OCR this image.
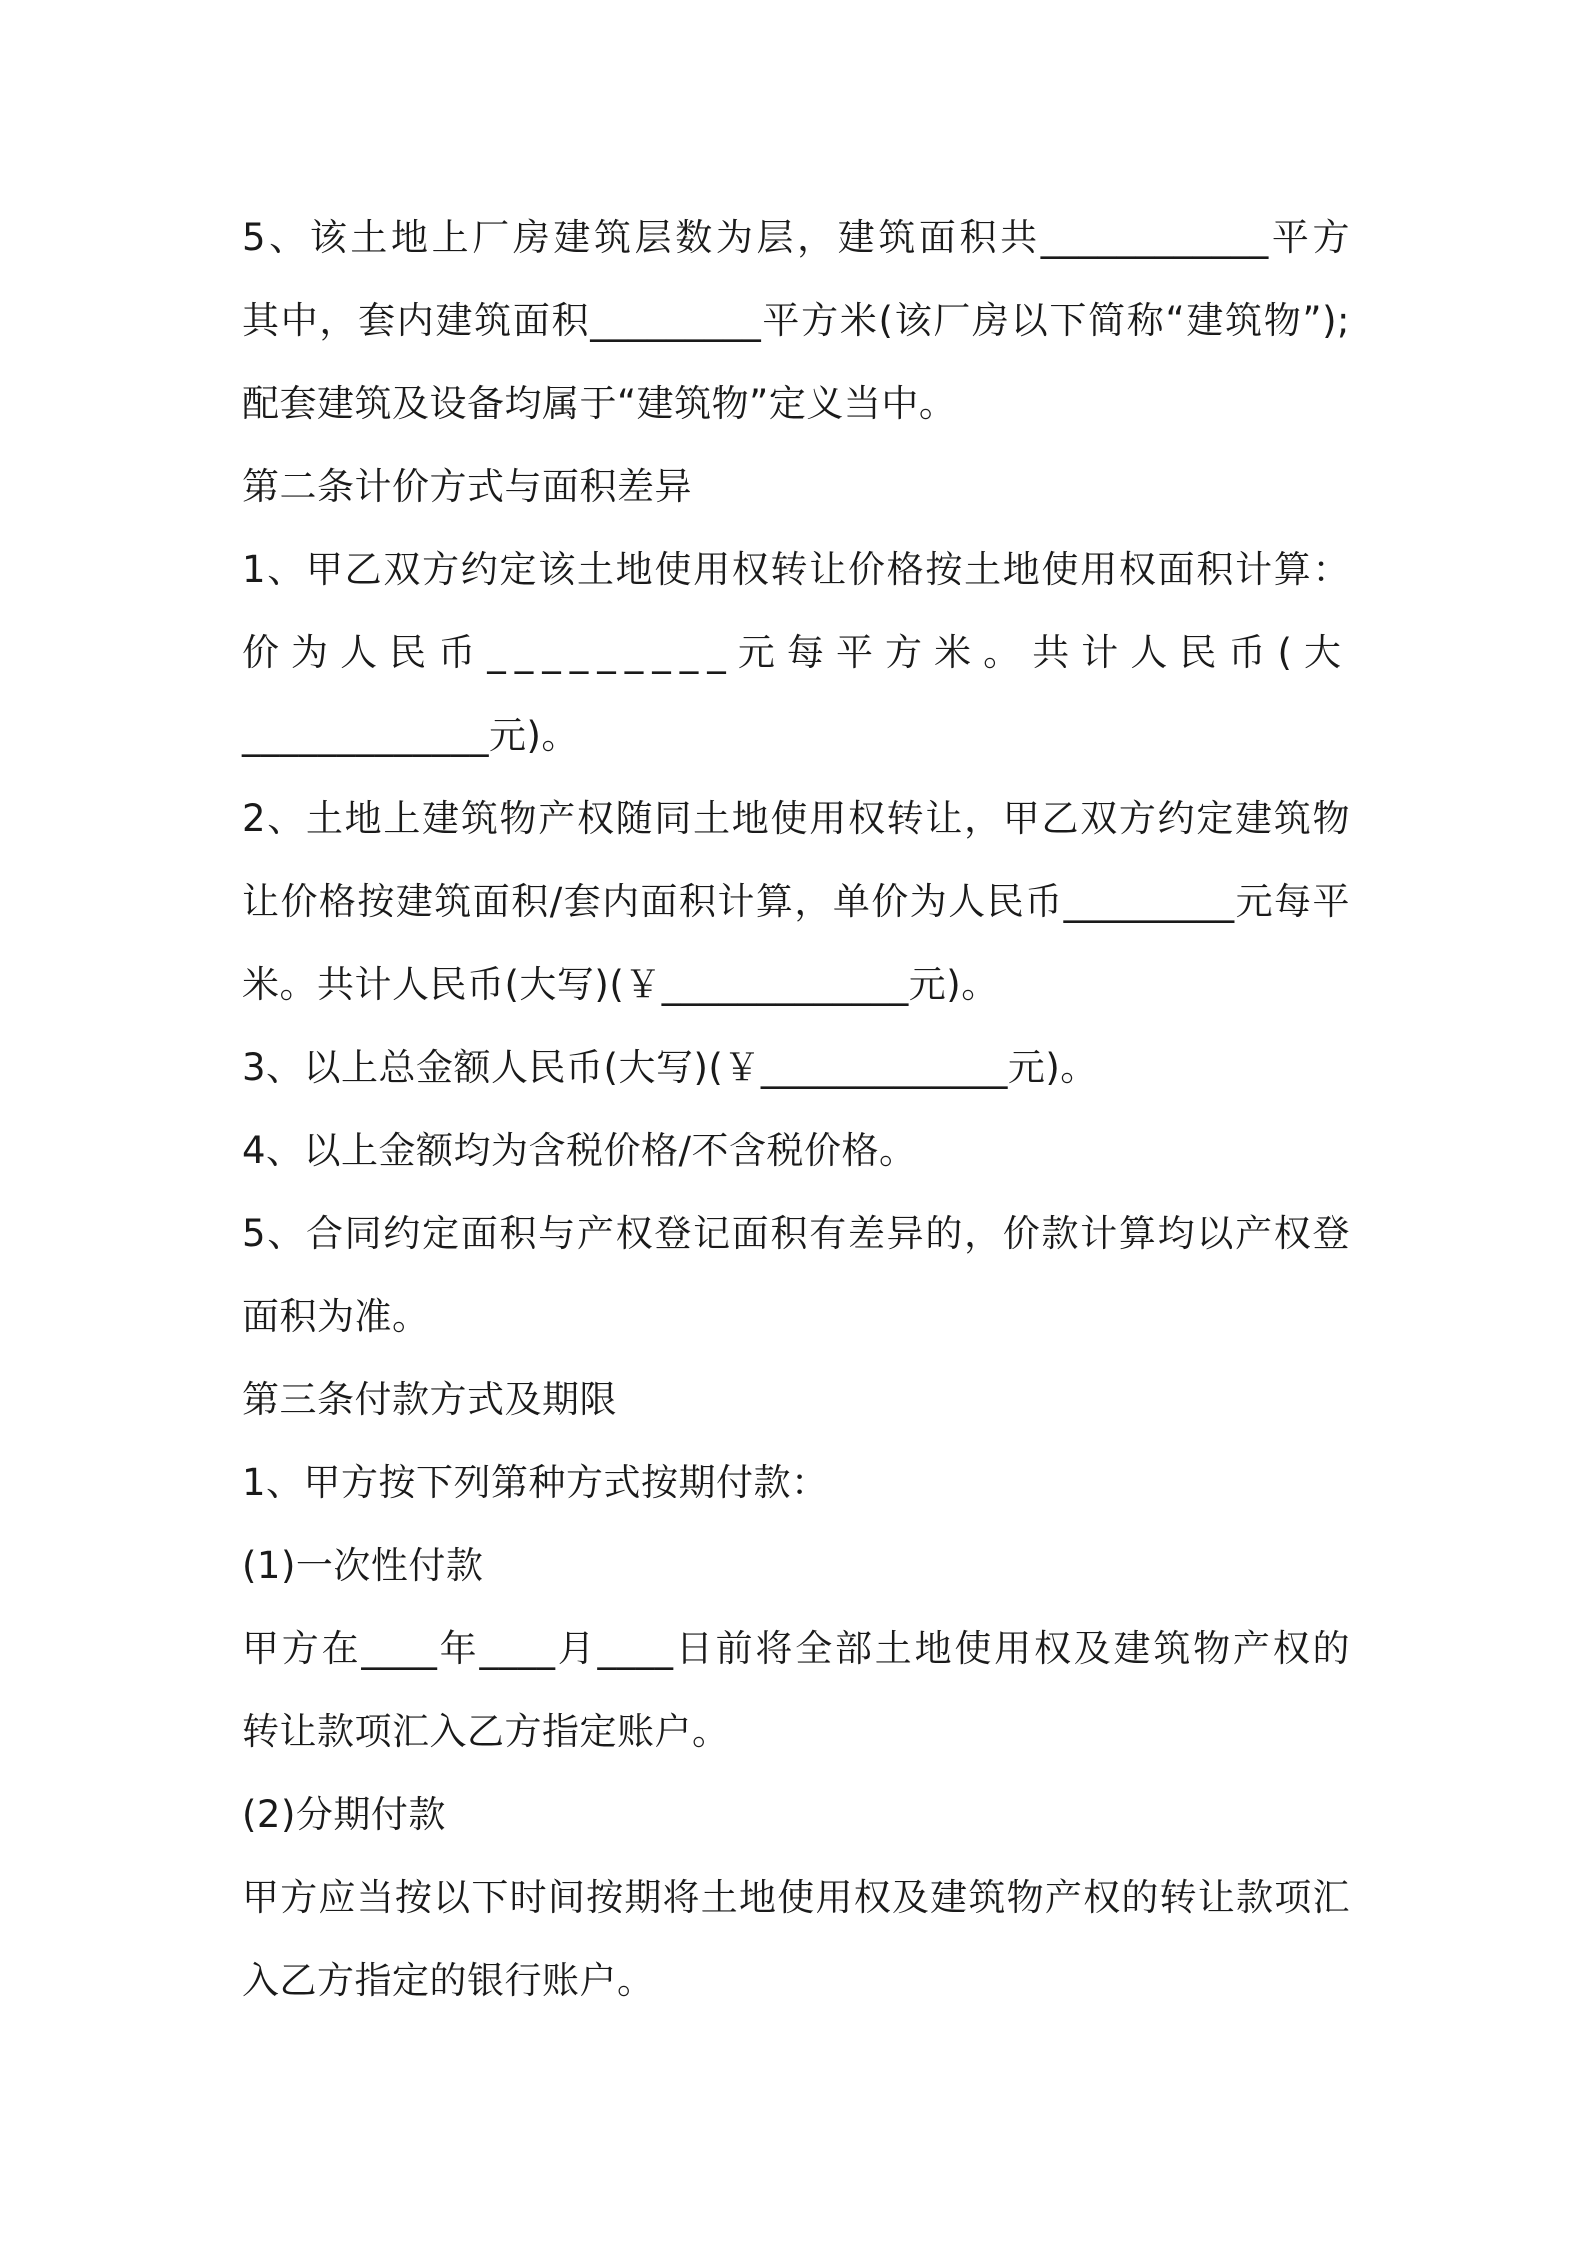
5、该土地上厂房建筑层数为层，建筑面积共____________平方
其中，套内建筑面积_________平方米(该厂房以下简称“建筑物”);
配套建筑及设备均属于“建筑物”定义当中。
第二条计价方式与面积差异
1、甲乙双方约定该土地使用权转让价格按土地使用权面积计算：
价为人民币_________元每平方米。共计人民币(大
_____________元)。
2、土地上建筑物产权随同土地使用权转让，甲乙双方约定建筑物
让价格按建筑面积/套内面积计算，单价为人民币_________元每平
米。共计人民币(大写)(￥_____________元)。
3、以上总金额人民币(大写)(￥_____________元)。
4、以上金额均为含税价格/不含税价格。
5、合同约定面积与产权登记面积有差异的，价款计算均以产权登
面积为准。
第三条付款方式及期限
1、甲方按下列第种方式按期付款：
(1)一次性付款
甲方在____年____月____日前将全部土地使用权及建筑物产权的
转让款项汇入乙方指定账户。
(2)分期付款
甲方应当按以下时间按期将土地使用权及建筑物产权的转让款项汇
入乙方指定的银行账户。
